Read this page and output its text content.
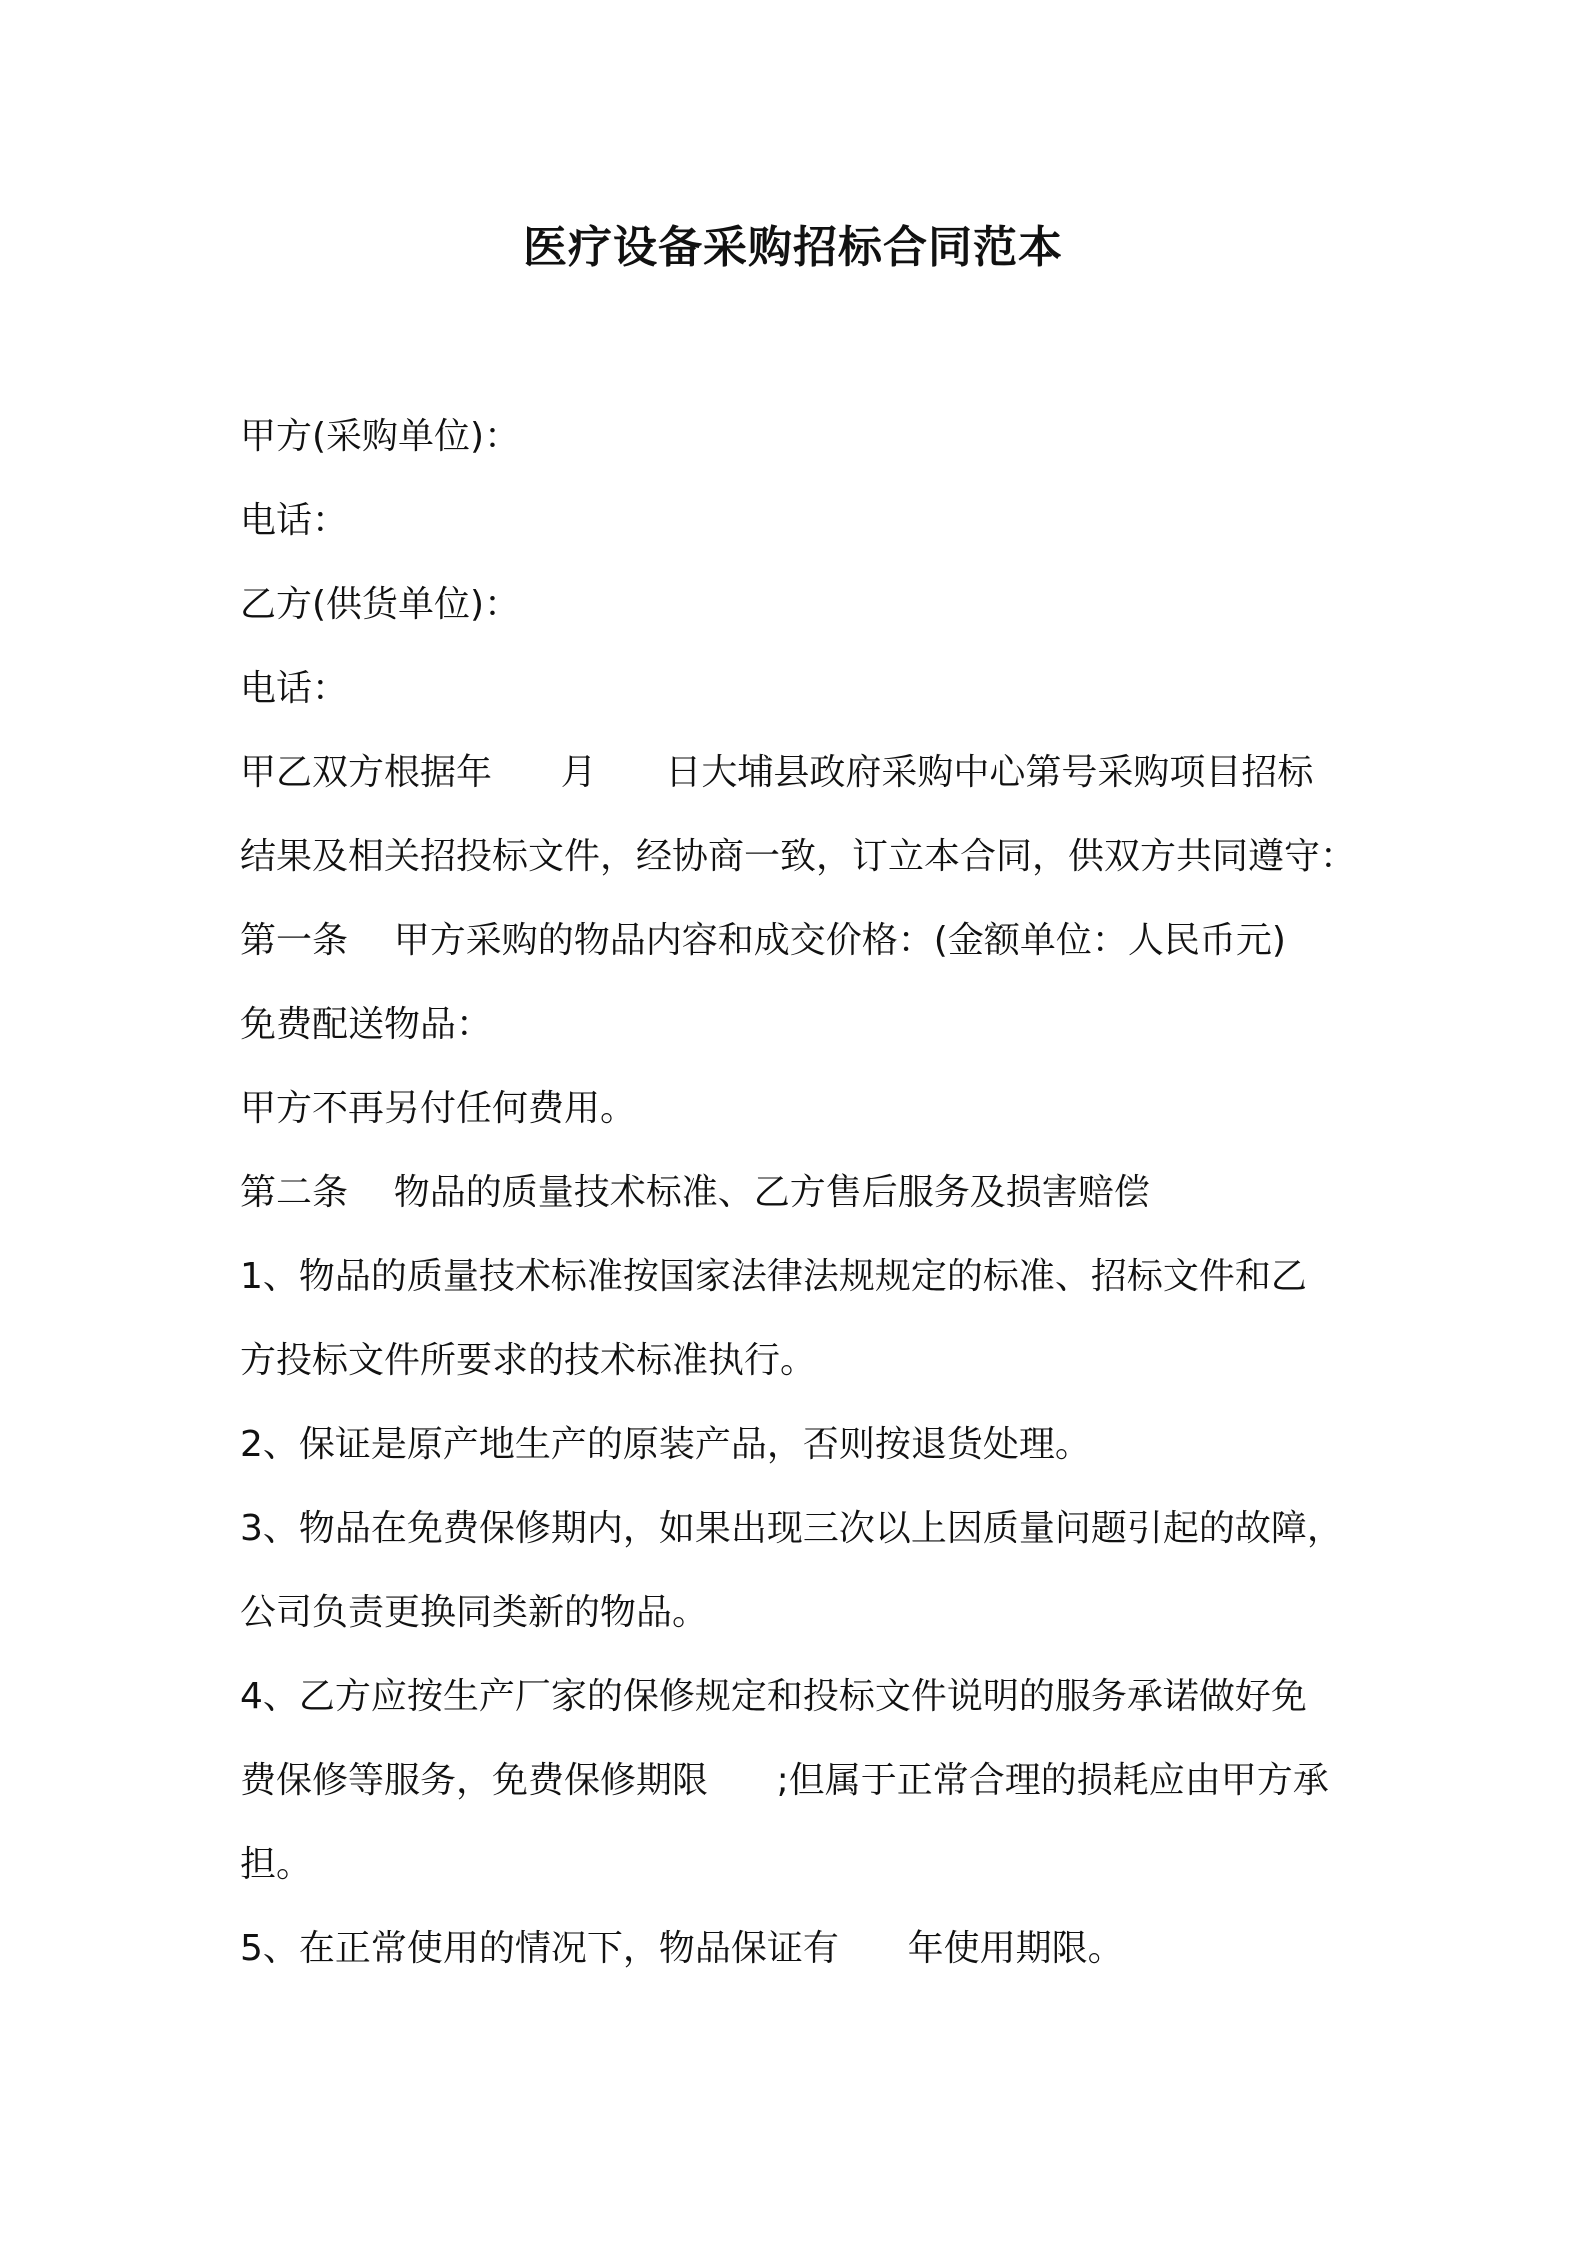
医疗设备采购招标合同范本

甲方(采购单位)：

电话：

乙方(供货单位)：

电话：

甲乙双方根据年      月      日大埔县政府采购中心第号采购项目招标

结果及相关招投标文件，经协商一致，订立本合同，供双方共同遵守：

第一条    甲方采购的物品内容和成交价格：(金额单位：人民币元)

免费配送物品：

甲方不再另付任何费用。

第二条    物品的质量技术标准、乙方售后服务及损害赔偿

1、物品的质量技术标准按国家法律法规规定的标准、招标文件和乙

方投标文件所要求的技术标准执行。

2、保证是原产地生产的原装产品，否则按退货处理。

3、物品在免费保修期内，如果出现三次以上因质量问题引起的故障，

公司负责更换同类新的物品。

4、乙方应按生产厂家的保修规定和投标文件说明的服务承诺做好免

费保修等服务，免费保修期限      ;但属于正常合理的损耗应由甲方承

担。

5、在正常使用的情况下，物品保证有      年使用期限。
